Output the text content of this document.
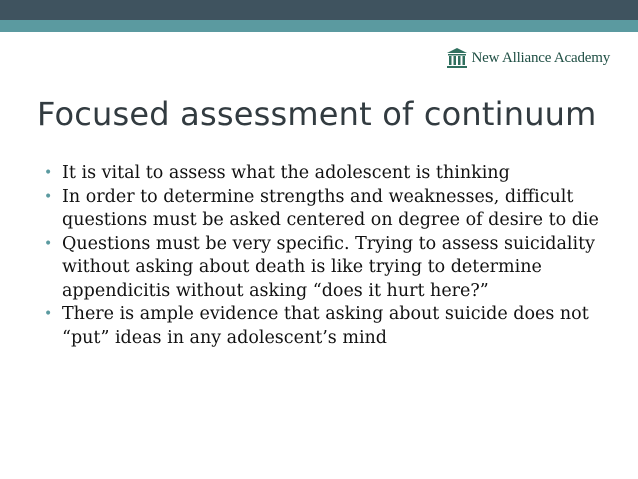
New Alliance Academy
Focused assessment of continuum
• It is vital to assess what the adolescent is thinking
• In order to determine strengths and weaknesses, difficult questions must be asked centered on degree of desire to die
• Questions must be very specific. Trying to assess suicidality without asking about death is like trying to determine appendicitis without asking “does it hurt here?”
• There is ample evidence that asking about suicide does not “put” ideas in any adolescent’s mind
